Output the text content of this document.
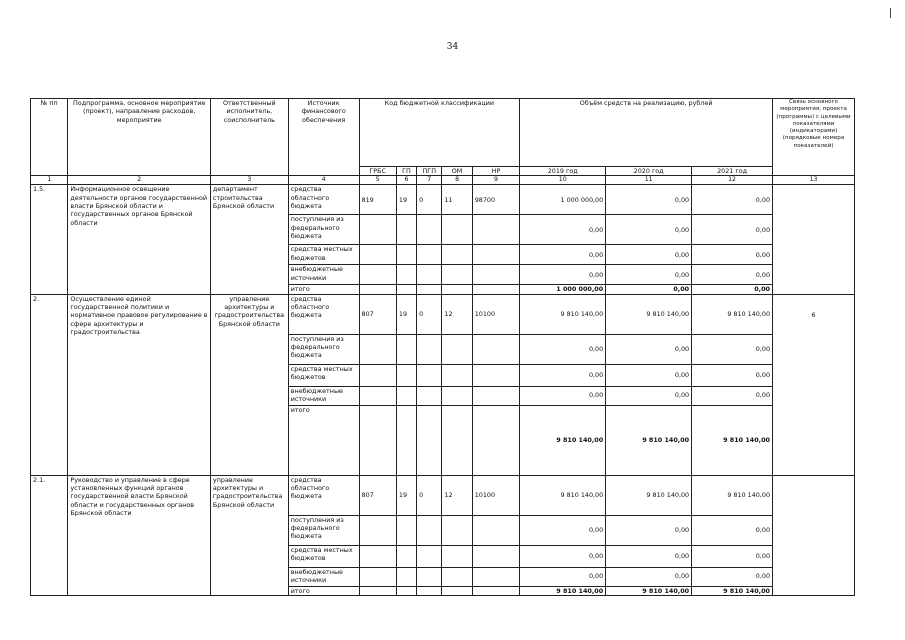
34
№ пп	Подпрограмма, основное мероприятие (проект), направление расходов, мероприятие	Ответственный исполнитель, соисполнитель	Источник финансового обеспечения	Код бюджетной классификации					Объём средств на реализацию, рублей			Связь основного мероприятия, проекта (программы) с целевыми показателями (индикаторами) (порядковые номера показателей)
				ГРБС	ГП	ПГП	ОМ	НР	2019 год	2020 год	2021 год	
1	2	3	4	5	6	7	8	9	10	11	12	13
1.5.	Информационное освещение деятельности органов государственной власти Брянской области и государственных органов Брянской области	департамент строительства Брянской области	средства областного бюджета	819	19	0	11	98700	1 000 000,00	0,00	0,00	
			поступления из федерального бюджета						0,00	0,00	0,00	
			средства местных бюджетов						0,00	0,00	0,00	
			внебюджетные источники						0,00	0,00	0,00	
			итого						1 000 000,00	0,00	0,00	
2.	Осуществление единой государственной политики и нормативное правовое регулирование в сфере архитектуры и градостроительства	управление архитектуры и градостроительства Брянской области	средства областного бюджета	807	19	0	12	10100	9 810 140,00	9 810 140,00	9 810 140,00	6
			поступления из федерального бюджета						0,00	0,00	0,00	
			средства местных бюджетов						0,00	0,00	0,00	
			внебюджетные источники						0,00	0,00	0,00	
			итого						9 810 140,00	9 810 140,00	9 810 140,00	
2.1.	Руководство и управление в сфере установленных функций органов государственной власти Брянской области и государственных органов Брянской области	управление архитектуры и градостроительства Брянской области	средства областного бюджета	807	19	0	12	10100	9 810 140,00	9 810 140,00	9 810 140,00	
			поступления из федерального бюджета						0,00	0,00	0,00	
			средства местных бюджетов						0,00	0,00	0,00	
			внебюджетные источники						0,00	0,00	0,00	
			итого						9 810 140,00	9 810 140,00	9 810 140,00	
